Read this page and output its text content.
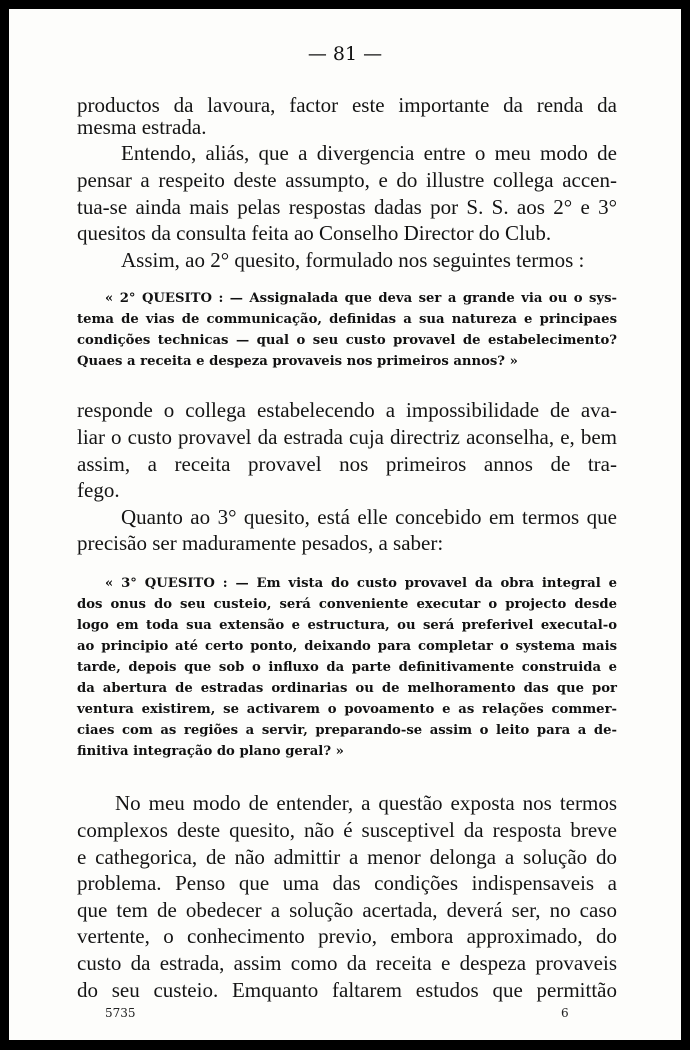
— 81 —
productos da lavoura, factor este importante da renda da
mesma estrada.
Entendo, aliás, que a divergencia entre o meu modo de
pensar a respeito deste assumpto, e do illustre collega accen-
tua-se ainda mais pelas respostas dadas por S. S. aos 2° e 3°
quesitos da consulta feita ao Conselho Director do Club.
Assim, ao 2° quesito, formulado nos seguintes termos :
« 2° QUESITO : — Assignalada que deva ser a grande via ou o sys-
tema de vias de communicação, definidas a sua natureza e principaes
condições technicas — qual o seu custo provavel de estabelecimento?
Quaes a receita e despeza provaveis nos primeiros annos? »
responde o collega estabelecendo a impossibilidade de ava-
liar o custo provavel da estrada cuja directriz aconselha, e, bem
assim, a receita provavel nos primeiros annos de tra-
fego.
Quanto ao 3° quesito, está elle concebido em termos que
precisão ser maduramente pesados, a saber:
« 3° QUESITO : — Em vista do custo provavel da obra integral e
dos onus do seu custeio, será conveniente executar o projecto desde
logo em toda sua extensão e estructura, ou será preferivel executal-o
ao principio até certo ponto, deixando para completar o systema mais
tarde, depois que sob o influxo da parte definitivamente construida e
da abertura de estradas ordinarias ou de melhoramento das que por
ventura existirem, se activarem o povoamento e as relações commer-
ciaes com as regiões a servir, preparando-se assim o leito para a de-
finitiva integração do plano geral? »
No meu modo de entender, a questão exposta nos termos
complexos deste quesito, não é susceptivel da resposta breve
e cathegorica, de não admittir a menor delonga a solução do
problema. Penso que uma das condições indispensaveis a
que tem de obedecer a solução acertada, deverá ser, no caso
vertente, o conhecimento previo, embora approximado, do
custo da estrada, assim como da receita e despeza provaveis
do seu custeio. Emquanto faltarem estudos que permittão
5735	6
